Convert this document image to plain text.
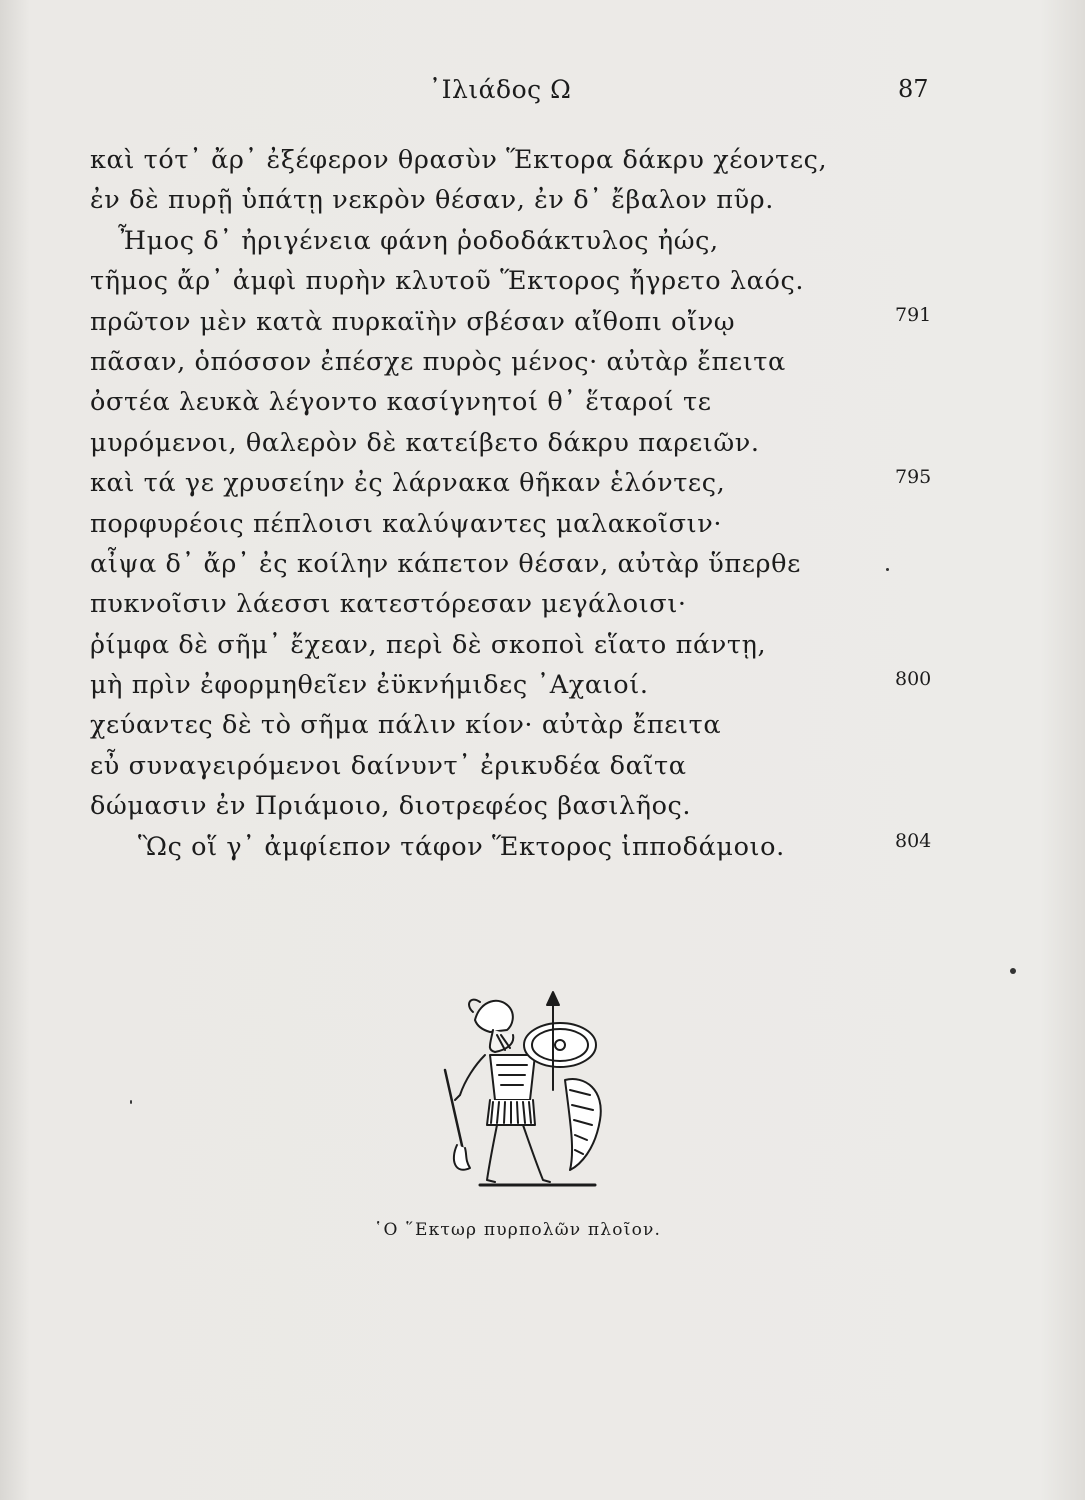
᾿Ιλιάδος Ω	87
καὶ τότ᾿ ἄρ᾿ ἐξέφερον θρασὺν Ἕκτορα δάκρυ χέοντες,
ἐν δὲ πυρῇ ὑπάτῃ νεκρὸν θέσαν, ἐν δ᾿ ἔβαλον πῦρ.
Ἦμος δ᾿ ἠριγένεια φάνη ῥοδοδάκτυλος ἠώς,
τῆμος ἄρ᾿ ἀμφὶ πυρὴν κλυτοῦ Ἕκτορος ἤγρετο λαός.
πρῶτον μὲν κατὰ πυρκαϊὴν σβέσαν αἴθοπι οἴνῳ
πᾶσαν, ὁπόσσον ἐπέσχε πυρὸς μένος· αὐτὰρ ἔπειτα
ὀστέα λευκὰ λέγοντο κασίγνητοί θ᾿ ἕταροί τε
μυρόμενοι, θαλερὸν δὲ κατείβετο δάκρυ παρειῶν.
καὶ τά γε χρυσείην ἐς λάρνακα θῆκαν ἑλόντες,
πορφυρέοις πέπλοισι καλύψαντες μαλακοῖσιν·
αἶψα δ᾿ ἄρ᾿ ἐς κοίλην κάπετον θέσαν, αὐτὰρ ὕπερθε
πυκνοῖσιν λάεσσι κατεστόρεσαν μεγάλοισι·
ῥίμφα δὲ σῆμ᾿ ἔχεαν, περὶ δὲ σκοποὶ εἵατο πάντῃ,
μὴ πρὶν ἐφορμηθεῖεν ἐϋκνήμιδες ᾿Αχαιοί.
χεύαντες δὲ τὸ σῆμα πάλιν κίον· αὐτὰρ ἔπειτα
εὖ συναγειρόμενοι δαίνυντ᾿ ἐρικυδέα δαῖτα
δώμασιν ἐν Πριάμοιο, διοτρεφέος βασιλῆος.
Ὣς οἵ γ᾿ ἀμφίεπον τάφον Ἕκτορος ἱπποδάμοιο.
791
795
800
804
῾Ο ῞Εκτωρ πυρπολῶν πλοῖον.
